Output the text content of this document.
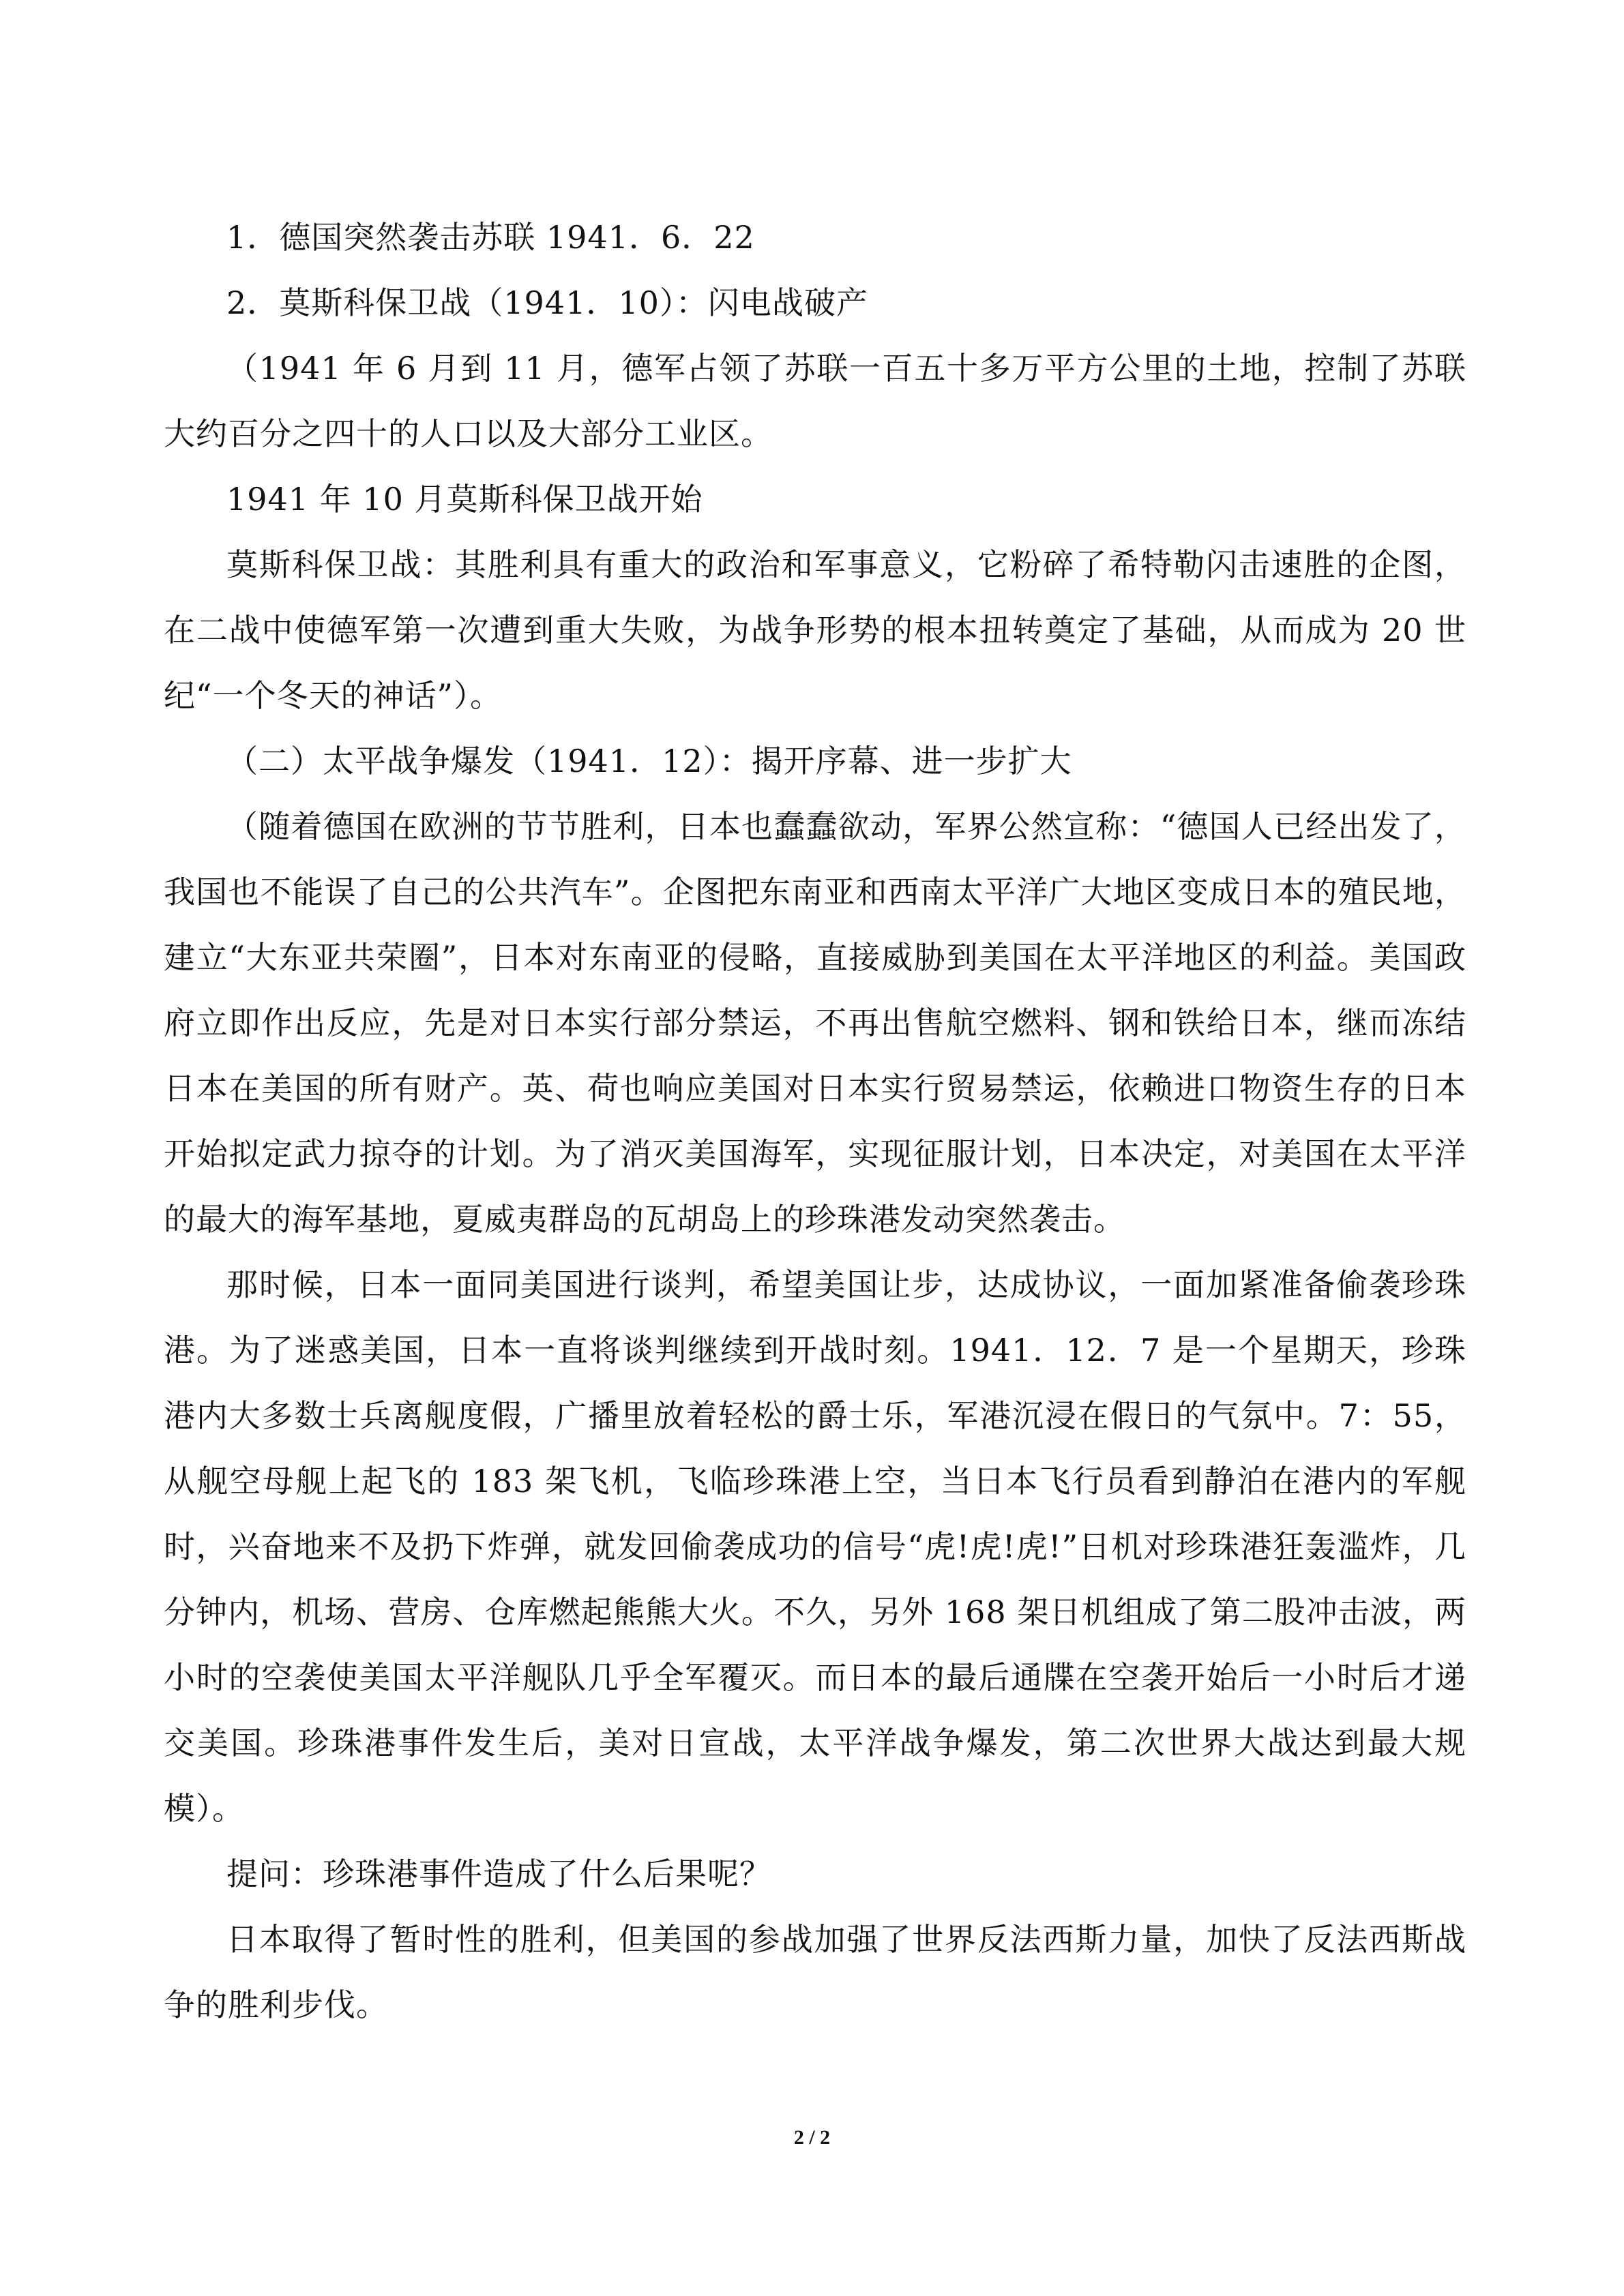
1．德国突然袭击苏联 1941．6．22

2．莫斯科保卫战（1941．10）：闪电战破产

（1941 年 6 月到 11 月，德军占领了苏联一百五十多万平方公里的土地，控制了苏联大约百分之四十的人口以及大部分工业区。

1941 年 10 月莫斯科保卫战开始

莫斯科保卫战：其胜利具有重大的政治和军事意义，它粉碎了希特勒闪击速胜的企图，在二战中使德军第一次遭到重大失败，为战争形势的根本扭转奠定了基础，从而成为 20 世纪“一个冬天的神话”）。

（二）太平战争爆发（1941．12）：揭开序幕、进一步扩大

（随着德国在欧洲的节节胜利，日本也蠢蠢欲动，军界公然宣称：“德国人已经出发了，我国也不能误了自己的公共汽车”。企图把东南亚和西南太平洋广大地区变成日本的殖民地，建立“大东亚共荣圈”，日本对东南亚的侵略，直接威胁到美国在太平洋地区的利益。美国政府立即作出反应，先是对日本实行部分禁运，不再出售航空燃料、钢和铁给日本，继而冻结日本在美国的所有财产。英、荷也响应美国对日本实行贸易禁运，依赖进口物资生存的日本开始拟定武力掠夺的计划。为了消灭美国海军，实现征服计划，日本决定，对美国在太平洋的最大的海军基地，夏威夷群岛的瓦胡岛上的珍珠港发动突然袭击。

那时候，日本一面同美国进行谈判，希望美国让步，达成协议，一面加紧准备偷袭珍珠港。为了迷惑美国，日本一直将谈判继续到开战时刻。1941．12．7 是一个星期天，珍珠港内大多数士兵离舰度假，广播里放着轻松的爵士乐，军港沉浸在假日的气氛中。7：55，从舰空母舰上起飞的 183 架飞机，飞临珍珠港上空，当日本飞行员看到静泊在港内的军舰时，兴奋地来不及扔下炸弹，就发回偷袭成功的信号“虎!虎!虎!”日机对珍珠港狂轰滥炸，几分钟内，机场、营房、仓库燃起熊熊大火。不久，另外 168 架日机组成了第二股冲击波，两小时的空袭使美国太平洋舰队几乎全军覆灭。而日本的最后通牒在空袭开始后一小时后才递交美国。珍珠港事件发生后，美对日宣战，太平洋战争爆发，第二次世界大战达到最大规模）。

提问：珍珠港事件造成了什么后果呢？

日本取得了暂时性的胜利，但美国的参战加强了世界反法西斯力量，加快了反法西斯战争的胜利步伐。

2 / 2
